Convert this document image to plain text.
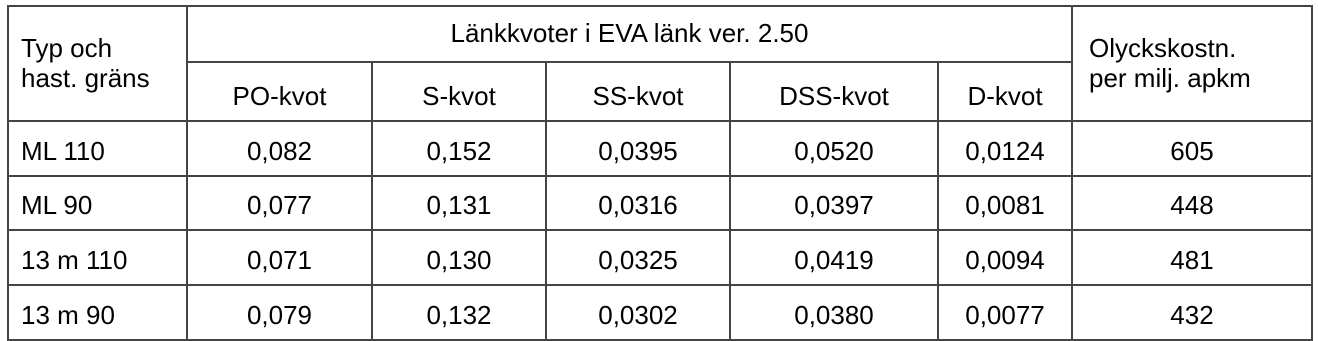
Typ och
hast. gräns	Länkkvoter i EVA länk ver. 2.50					Olyckskostn.
per milj. apkm

	PO-kvot	S-kvot	SS-kvot	DSS-kvot	D-kvot	
ML 110	0,082	0,152	0,0395	0,0520	0,0124	605
ML 90	0,077	0,131	0,0316	0,0397	0,0081	448
13 m 110	0,071	0,130	0,0325	0,0419	0,0094	481
13 m 90	0,079	0,132	0,0302	0,0380	0,0077	432
